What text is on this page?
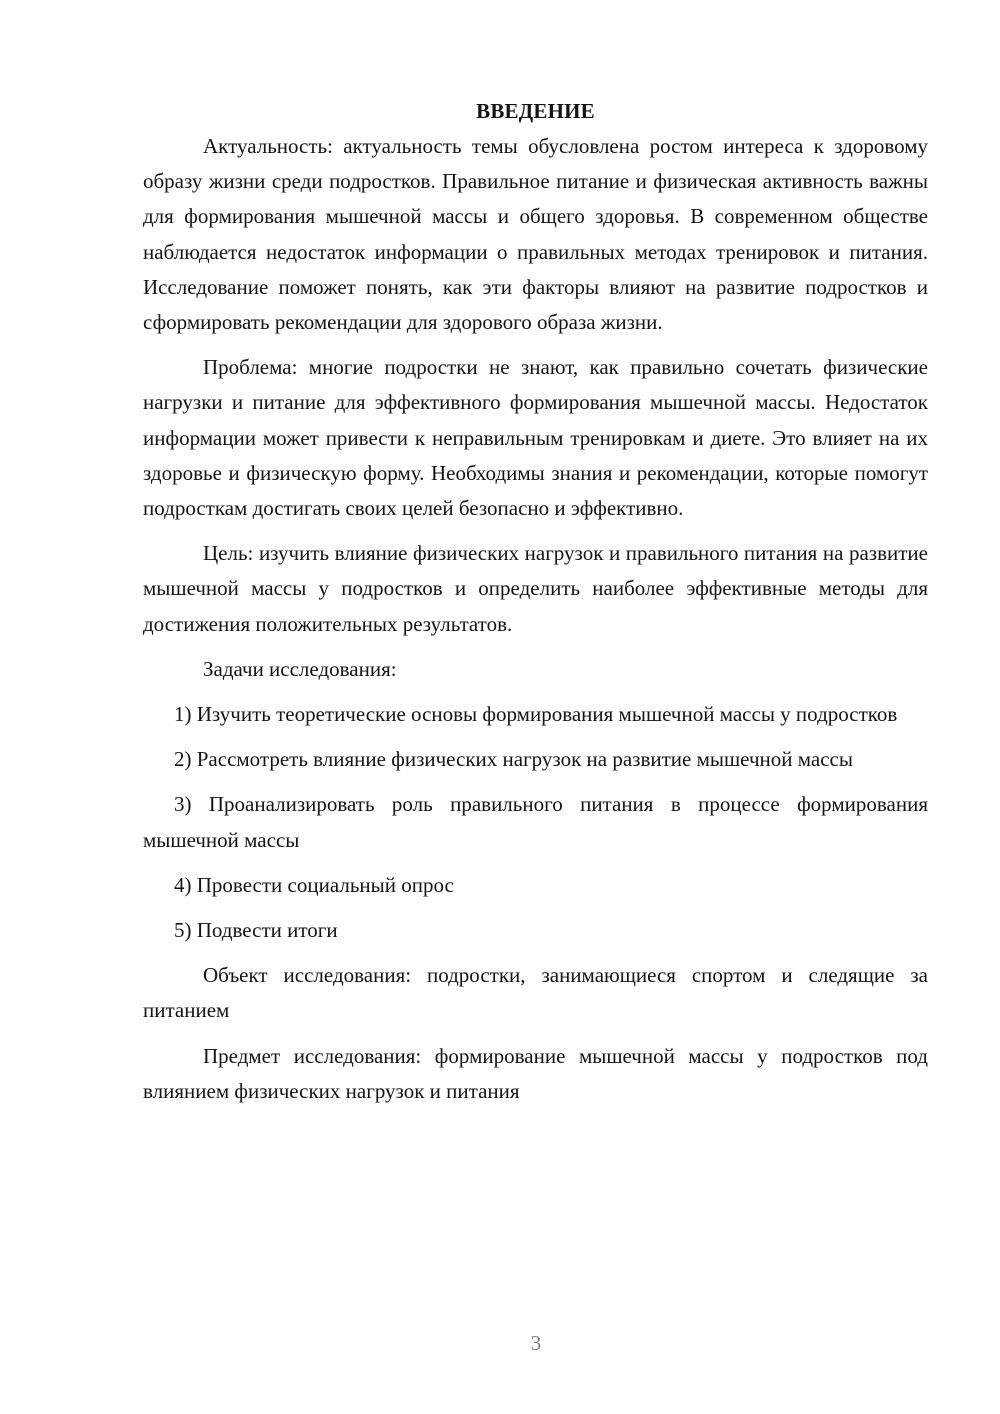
ВВЕДЕНИЕ

Актуальность: актуальность темы обусловлена ростом интереса к здоровому образу жизни среди подростков. Правильное питание и физическая активность важны для формирования мышечной массы и общего здоровья. В современном обществе наблюдается недостаток информации о правильных методах тренировок и питания. Исследование поможет понять, как эти факторы влияют на развитие подростков и сформировать рекомендации для здорового образа жизни.

Проблема: многие подростки не знают, как правильно сочетать физические нагрузки и питание для эффективного формирования мышечной массы. Недостаток информации может привести к неправильным тренировкам и диете. Это влияет на их здоровье и физическую форму. Необходимы знания и рекомендации, которые помогут подросткам достигать своих целей безопасно и эффективно.

Цель: изучить влияние физических нагрузок и правильного питания на развитие мышечной массы у подростков и определить наиболее эффективные методы для достижения положительных результатов.

Задачи исследования:

1) Изучить теоретические основы формирования мышечной массы у подростков

2) Рассмотреть влияние физических нагрузок на развитие мышечной массы

3) Проанализировать роль правильного питания в процессе формирования мышечной массы

4) Провести социальный опрос

5) Подвести итоги

Объект исследования: подростки, занимающиеся спортом и следящие за питанием

Предмет исследования: формирование мышечной массы у подростков под влиянием физических нагрузок и питания

3
